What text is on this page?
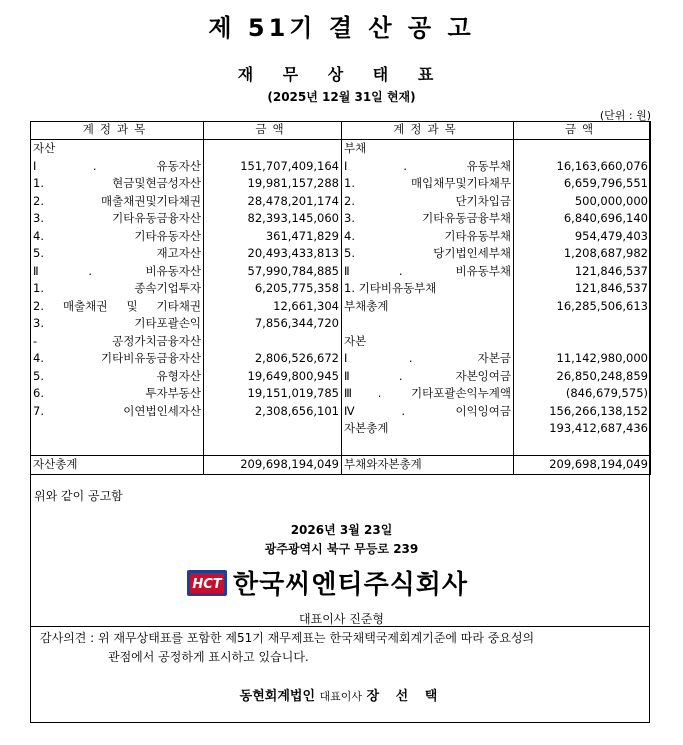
제 51기 결 산 공 고
재 무 상 태 표
(2025년 12월 31일 현재)
(단위 : 원)
계정과목	금액	계정과목	금액
자산		부채	
Ⅰ. 유동자산	151,707,409,164	Ⅰ. 유동부채	16,163,660,076
1. 현금및현금성자산	19,981,157,288	1. 매입채무및기타채무	6,659,796,551
2. 매출채권및기타채권	28,478,201,174	2. 단기차입금	500,000,000
3. 기타유동금융자산	82,393,145,060	3. 기타유동금융부채	6,840,696,140
4. 기타유동자산	361,471,829	4. 기타유동부채	954,479,403
5. 재고자산	20,493,433,813	5. 당기법인세부채	1,208,687,982
Ⅱ. 비유동자산	57,990,784,885	Ⅱ. 비유동부채	121,846,537
1. 종속기업투자	6,205,775,358	1. 기타비유동부채	121,846,537
2. 매출채권 및 기타채권	12,661,304	부채총계	16,285,506,613
3. 기타포괄손익	7,856,344,720		
- 공정가치금융자산		자본	
4. 기타비유동금융자산	2,806,526,672	Ⅰ. 자본금	11,142,980,000
5. 유형자산	19,649,800,945	Ⅱ. 자본잉여금	26,850,248,859
6. 투자부동산	19,151,019,785	Ⅲ. 기타포괄손익누계액	(846,679,575)
7. 이연법인세자산	2,308,656,101	Ⅳ. 이익잉여금	156,266,138,152
		자본총계	193,412,687,436

자산총계	209,698,194,049	부채와자본총계	209,698,194,049
위와 같이 공고함
2026년 3월 23일
광주광역시 북구 무등로 239
HCT 한국씨엔티주식회사
대표이사 진준형
감사의견 : 위 재무상태표를 포함한 제51기 재무제표는 한국채택국제회계기준에 따라 중요성의
관점에서 공정하게 표시하고 있습니다.
동현회계법인 대표이사 장 선 택
